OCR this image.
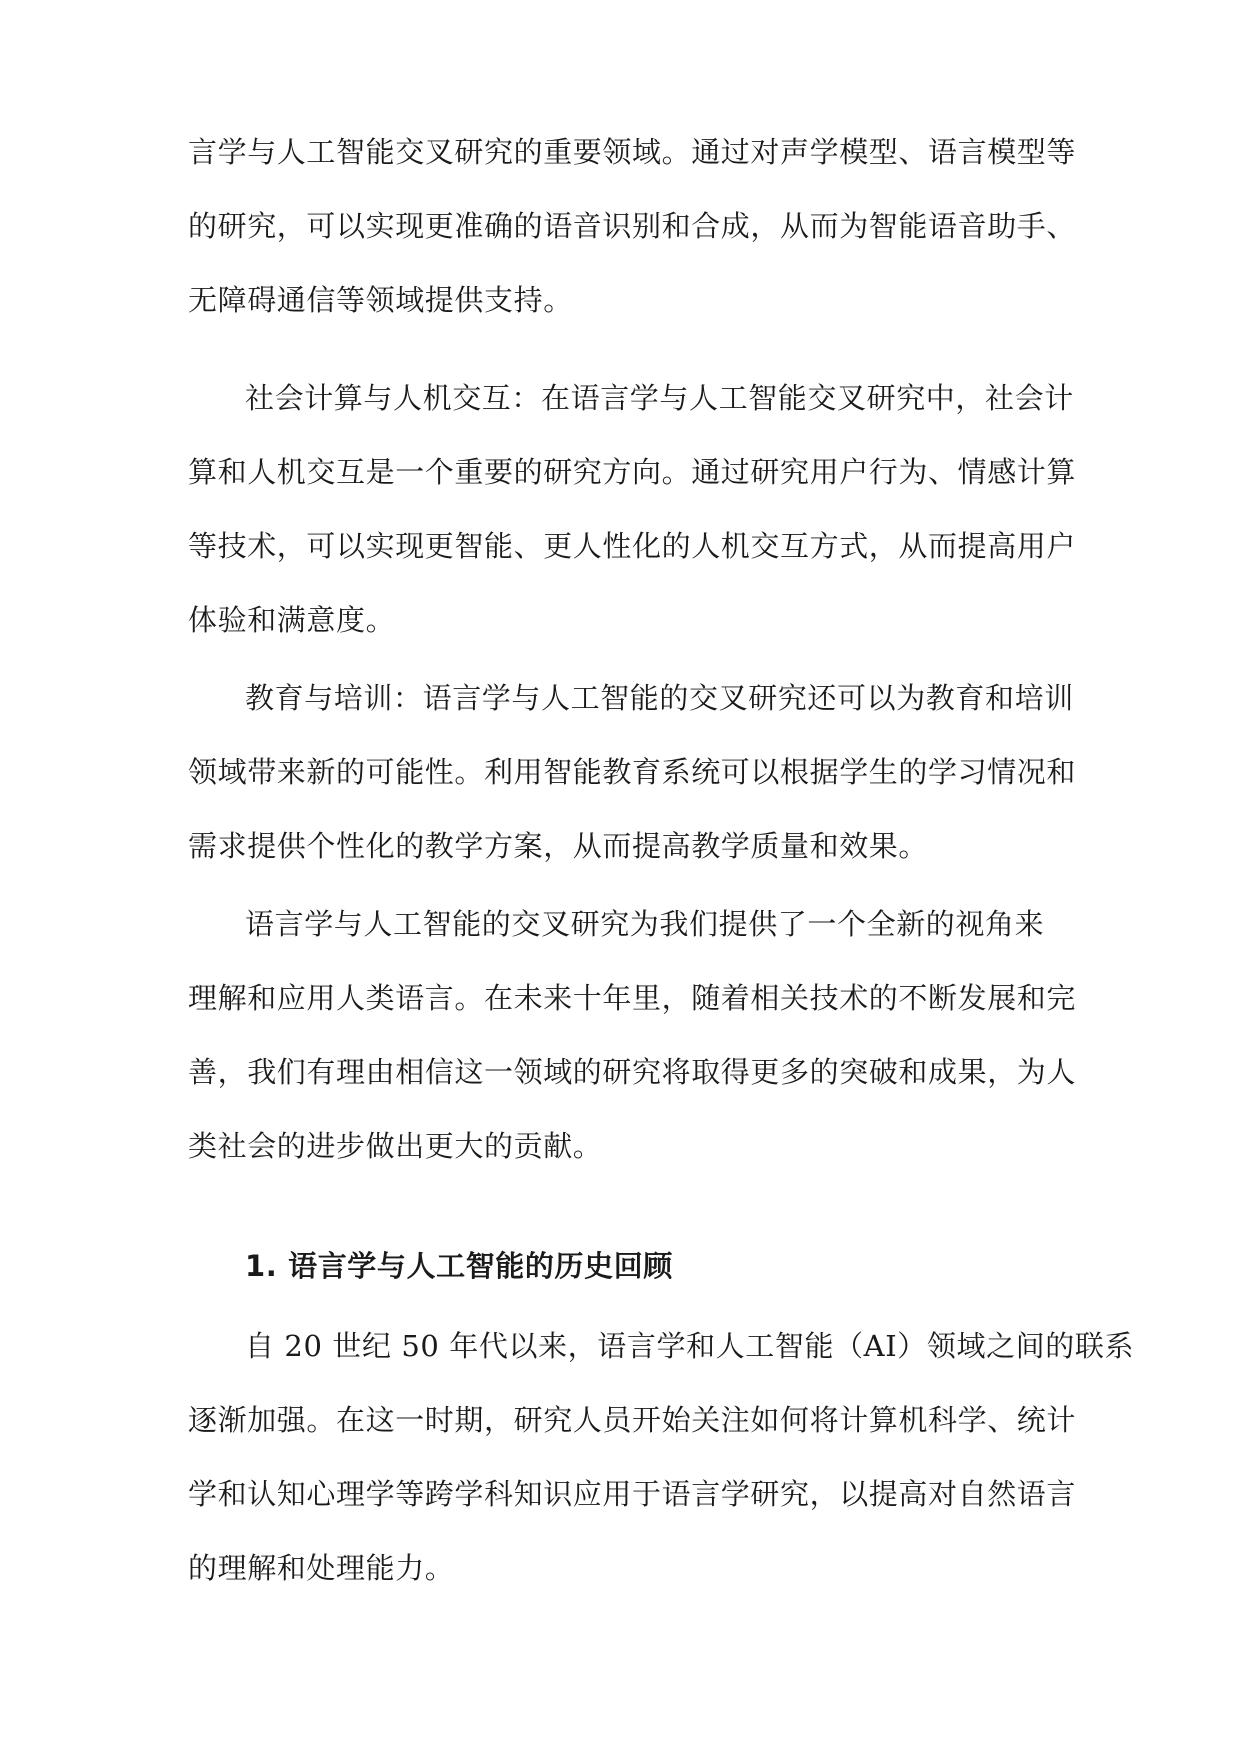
言学与人工智能交叉研究的重要领域。通过对声学模型、语言模型等
的研究，可以实现更准确的语音识别和合成，从而为智能语音助手、
无障碍通信等领域提供支持。
社会计算与人机交互：在语言学与人工智能交叉研究中，社会计
算和人机交互是一个重要的研究方向。通过研究用户行为、情感计算
等技术，可以实现更智能、更人性化的人机交互方式，从而提高用户
体验和满意度。
教育与培训：语言学与人工智能的交叉研究还可以为教育和培训
领域带来新的可能性。利用智能教育系统可以根据学生的学习情况和
需求提供个性化的教学方案，从而提高教学质量和效果。
语言学与人工智能的交叉研究为我们提供了一个全新的视角来
理解和应用人类语言。在未来十年里，随着相关技术的不断发展和完
善，我们有理由相信这一领域的研究将取得更多的突破和成果，为人
类社会的进步做出更大的贡献。
1. 语言学与人工智能的历史回顾
自 20 世纪 50 年代以来，语言学和人工智能（AI）领域之间的联系
逐渐加强。在这一时期，研究人员开始关注如何将计算机科学、统计
学和认知心理学等跨学科知识应用于语言学研究，以提高对自然语言
的理解和处理能力。
